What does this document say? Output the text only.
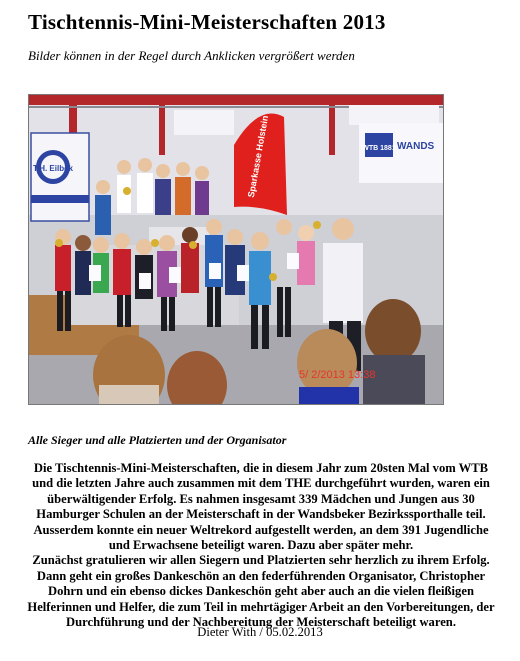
Tischtennis-Mini-Meisterschaften 2013
Bilder können in der Regel durch Anklicken vergrößert werden
T.H. Eilbek	Sparkasse Holstein	WTB 1881 WANDS
5/ 2/2013 13:38
Alle Sieger und alle Platzierten und der Organisator
Die Tischtennis-Mini-Meisterschaften, die in diesem Jahr zum 20sten Mal vom WTB
und die letzten Jahre auch zusammen mit dem THE durchgeführt wurden, waren ein
überwältigender Erfolg. Es nahmen insgesamt 339 Mädchen und Jungen aus 30
Hamburger Schulen an der Meisterschaft in der Wandsbeker Bezirkssporthalle teil.
Ausserdem konnte ein neuer Weltrekord aufgestellt werden, an dem 391 Jugendliche
und Erwachsene beteiligt waren. Dazu aber später mehr.
Zunächst gratulieren wir allen Siegern und Platzierten sehr herzlich zu ihrem Erfolg.
Dann geht ein großes Dankeschön an den federführenden Organisator, Christopher
Dohrn und ein ebenso dickes Dankeschön geht aber auch an die vielen fleißigen
Helferinnen und Helfer, die zum Teil in mehrtägiger Arbeit an den Vorbereitungen, der
Durchführung und der Nachbereitung der Meisterschaft beteiligt waren.
Dieter With / 05.02.2013
